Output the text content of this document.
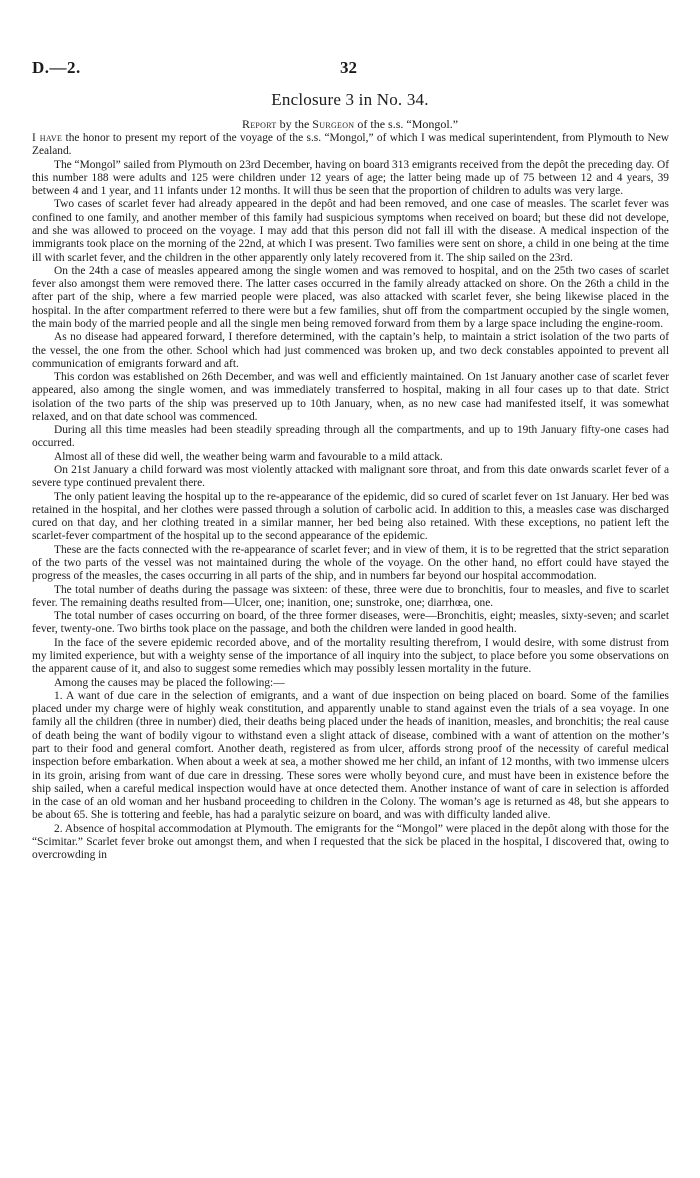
D.—2.	32
Enclosure 3 in No. 34.
Report by the Surgeon of the s.s. “Mongol.”

I have the honor to present my report of the voyage of the s.s. “Mongol,” of which I was medical superintendent, from Plymouth to New Zealand.

The “Mongol” sailed from Plymouth on 23rd December, having on board 313 emigrants received from the depôt the preceding day. Of this number 188 were adults and 125 were children under 12 years of age; the latter being made up of 75 between 12 and 4 years, 39 between 4 and 1 year, and 11 infants under 12 months. It will thus be seen that the proportion of children to adults was very large.

Two cases of scarlet fever had already appeared in the depôt and had been removed, and one case of measles. The scarlet fever was confined to one family, and another member of this family had suspicious symptoms when received on board; but these did not develope, and she was allowed to proceed on the voyage. I may add that this person did not fall ill with the disease. A medical inspection of the immigrants took place on the morning of the 22nd, at which I was present. Two families were sent on shore, a child in one being at the time ill with scarlet fever, and the children in the other apparently only lately recovered from it. The ship sailed on the 23rd.

On the 24th a case of measles appeared among the single women and was removed to hospital, and on the 25th two cases of scarlet fever also amongst them were removed there. The latter cases occurred in the family already attacked on shore. On the 26th a child in the after part of the ship, where a few married people were placed, was also attacked with scarlet fever, she being likewise placed in the hospital. In the after compartment referred to there were but a few families, shut off from the compartment occupied by the single women, the main body of the married people and all the single men being removed forward from them by a large space including the engine-room.

As no disease had appeared forward, I therefore determined, with the captain’s help, to maintain a strict isolation of the two parts of the vessel, the one from the other. School which had just commenced was broken up, and two deck constables appointed to prevent all communication of emigrants forward and aft.

This cordon was established on 26th December, and was well and efficiently maintained. On 1st January another case of scarlet fever appeared, also among the single women, and was immediately transferred to hospital, making in all four cases up to that date. Strict isolation of the two parts of the ship was preserved up to 10th January, when, as no new case had manifested itself, it was somewhat relaxed, and on that date school was commenced.

During all this time measles had been steadily spreading through all the compartments, and up to 19th January fifty-one cases had occurred.

Almost all of these did well, the weather being warm and favourable to a mild attack.

On 21st January a child forward was most violently attacked with malignant sore throat, and from this date onwards scarlet fever of a severe type continued prevalent there.

The only patient leaving the hospital up to the re-appearance of the epidemic, did so cured of scarlet fever on 1st January. Her bed was retained in the hospital, and her clothes were passed through a solution of carbolic acid. In addition to this, a measles case was discharged cured on that day, and her clothing treated in a similar manner, her bed being also retained. With these exceptions, no patient left the scarlet-fever compartment of the hospital up to the second appearance of the epidemic.

These are the facts connected with the re-appearance of scarlet fever; and in view of them, it is to be regretted that the strict separation of the two parts of the vessel was not maintained during the whole of the voyage. On the other hand, no effort could have stayed the progress of the measles, the cases occurring in all parts of the ship, and in numbers far beyond our hospital accommodation.

The total number of deaths during the passage was sixteen: of these, three were due to bronchitis, four to measles, and five to scarlet fever. The remaining deaths resulted from—Ulcer, one; inanition, one; sunstroke, one; diarrhœa, one.

The total number of cases occurring on board, of the three former diseases, were—Bronchitis, eight; measles, sixty-seven; and scarlet fever, twenty-one. Two births took place on the passage, and both the children were landed in good health.

In the face of the severe epidemic recorded above, and of the mortality resulting therefrom, I would desire, with some distrust from my limited experience, but with a weighty sense of the importance of all inquiry into the subject, to place before you some observations on the apparent cause of it, and also to suggest some remedies which may possibly lessen mortality in the future.

Among the causes may be placed the following:—

1. A want of due care in the selection of emigrants, and a want of due inspection on being placed on board. Some of the families placed under my charge were of highly weak constitution, and apparently unable to stand against even the trials of a sea voyage. In one family all the children (three in number) died, their deaths being placed under the heads of inanition, measles, and bronchitis; the real cause of death being the want of bodily vigour to withstand even a slight attack of disease, combined with a want of attention on the mother’s part to their food and general comfort. Another death, registered as from ulcer, affords strong proof of the necessity of careful medical inspection before embarkation. When about a week at sea, a mother showed me her child, an infant of 12 months, with two immense ulcers in its groin, arising from want of due care in dressing. These sores were wholly beyond cure, and must have been in existence before the ship sailed, when a careful medical inspection would have at once detected them. Another instance of want of care in selection is afforded in the case of an old woman and her husband proceeding to children in the Colony. The woman’s age is returned as 48, but she appears to be about 65. She is tottering and feeble, has had a paralytic seizure on board, and was with difficulty landed alive.

2. Absence of hospital accommodation at Plymouth. The emigrants for the “Mongol” were placed in the depôt along with those for the “Scimitar.” Scarlet fever broke out amongst them, and when I requested that the sick be placed in the hospital, I discovered that, owing to overcrowding in
